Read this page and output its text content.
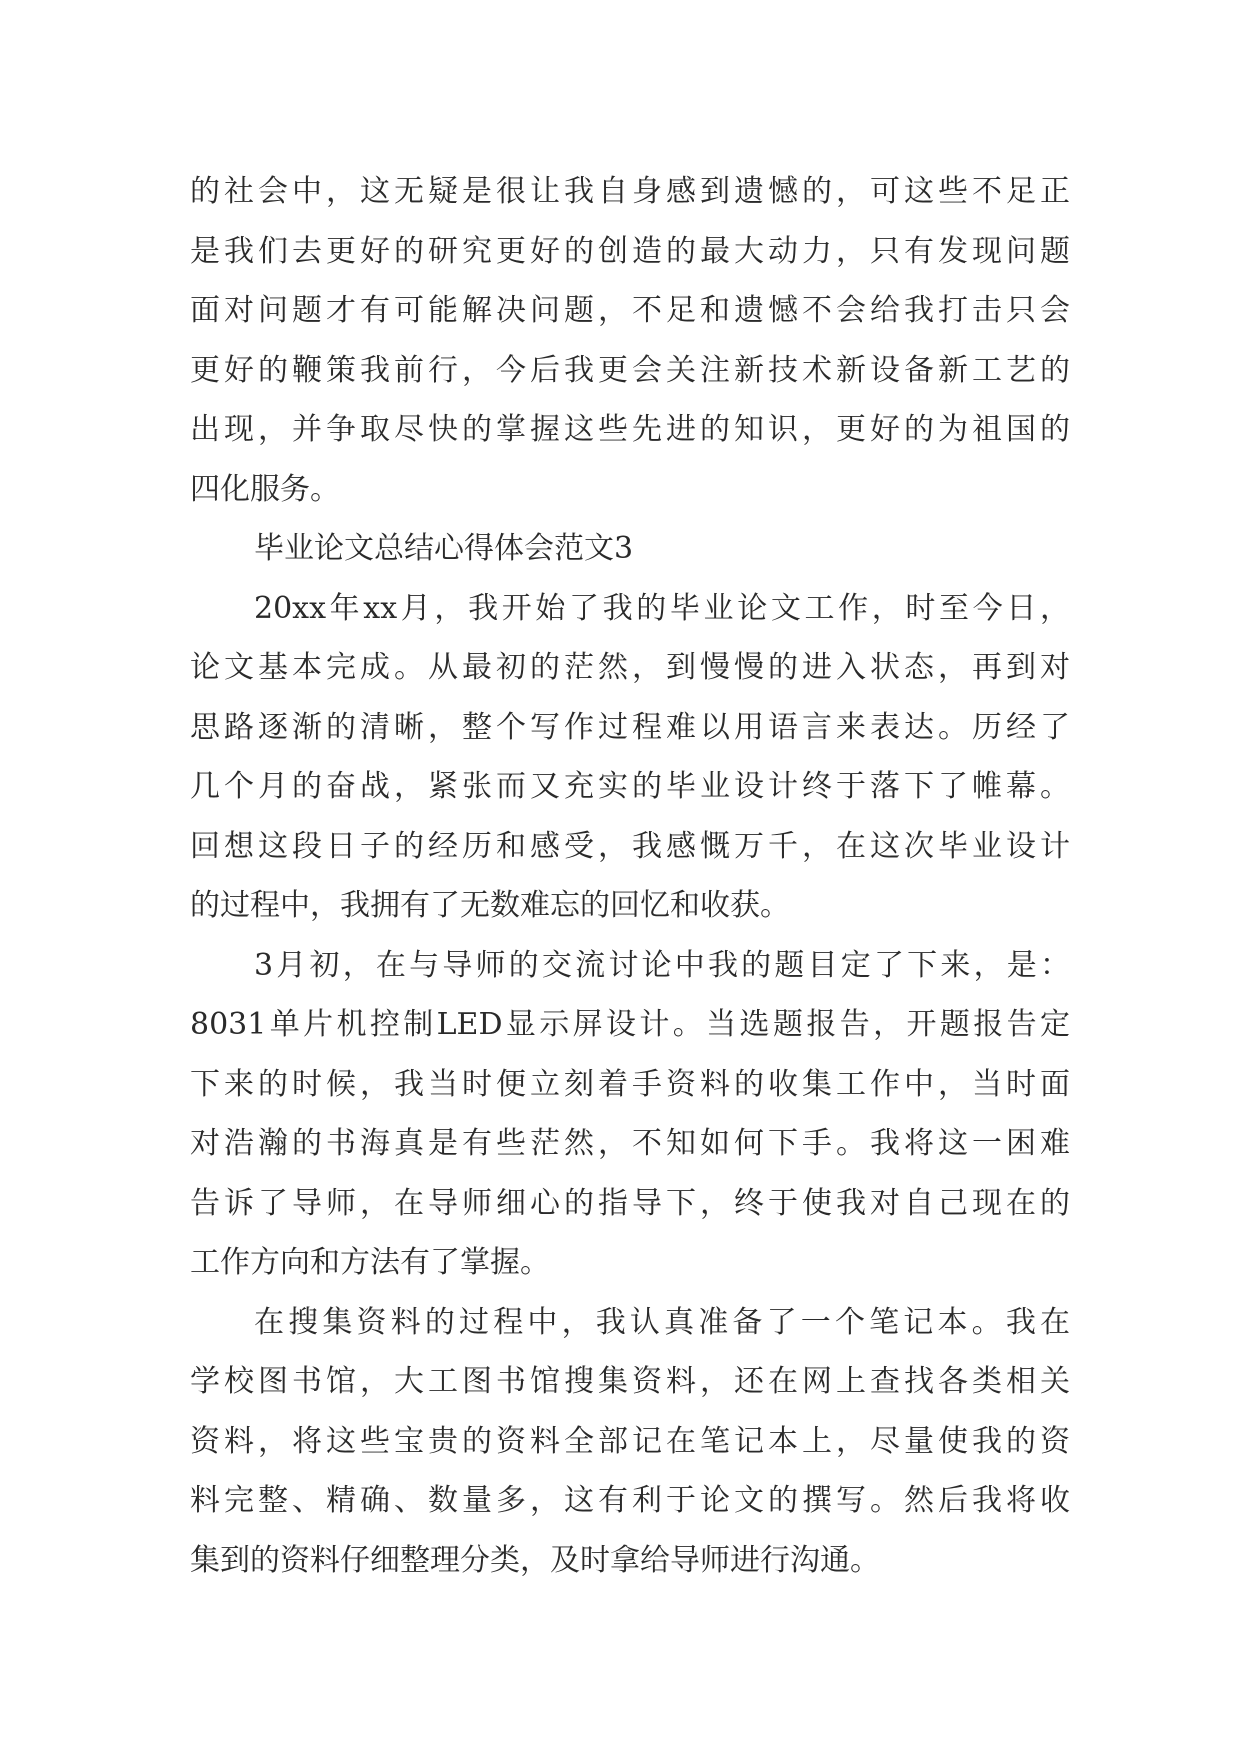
的社会中，这无疑是很让我自身感到遗憾的，可这些不足正
是我们去更好的研究更好的创造的最大动力，只有发现问题
面对问题才有可能解决问题，不足和遗憾不会给我打击只会
更好的鞭策我前行，今后我更会关注新技术新设备新工艺的
出现，并争取尽快的掌握这些先进的知识，更好的为祖国的
四化服务。
毕业论文总结心得体会范文3
20xx年xx月，我开始了我的毕业论文工作，时至今日，
论文基本完成。从最初的茫然，到慢慢的进入状态，再到对
思路逐渐的清晰，整个写作过程难以用语言来表达。历经了
几个月的奋战，紧张而又充实的毕业设计终于落下了帷幕。
回想这段日子的经历和感受，我感慨万千，在这次毕业设计
的过程中，我拥有了无数难忘的回忆和收获。
3月初，在与导师的交流讨论中我的题目定了下来，是：
8031单片机控制LED显示屏设计。当选题报告，开题报告定
下来的时候，我当时便立刻着手资料的收集工作中，当时面
对浩瀚的书海真是有些茫然，不知如何下手。我将这一困难
告诉了导师，在导师细心的指导下，终于使我对自己现在的
工作方向和方法有了掌握。
在搜集资料的过程中，我认真准备了一个笔记本。我在
学校图书馆，大工图书馆搜集资料，还在网上查找各类相关
资料，将这些宝贵的资料全部记在笔记本上，尽量使我的资
料完整、精确、数量多，这有利于论文的撰写。然后我将收
集到的资料仔细整理分类，及时拿给导师进行沟通。
